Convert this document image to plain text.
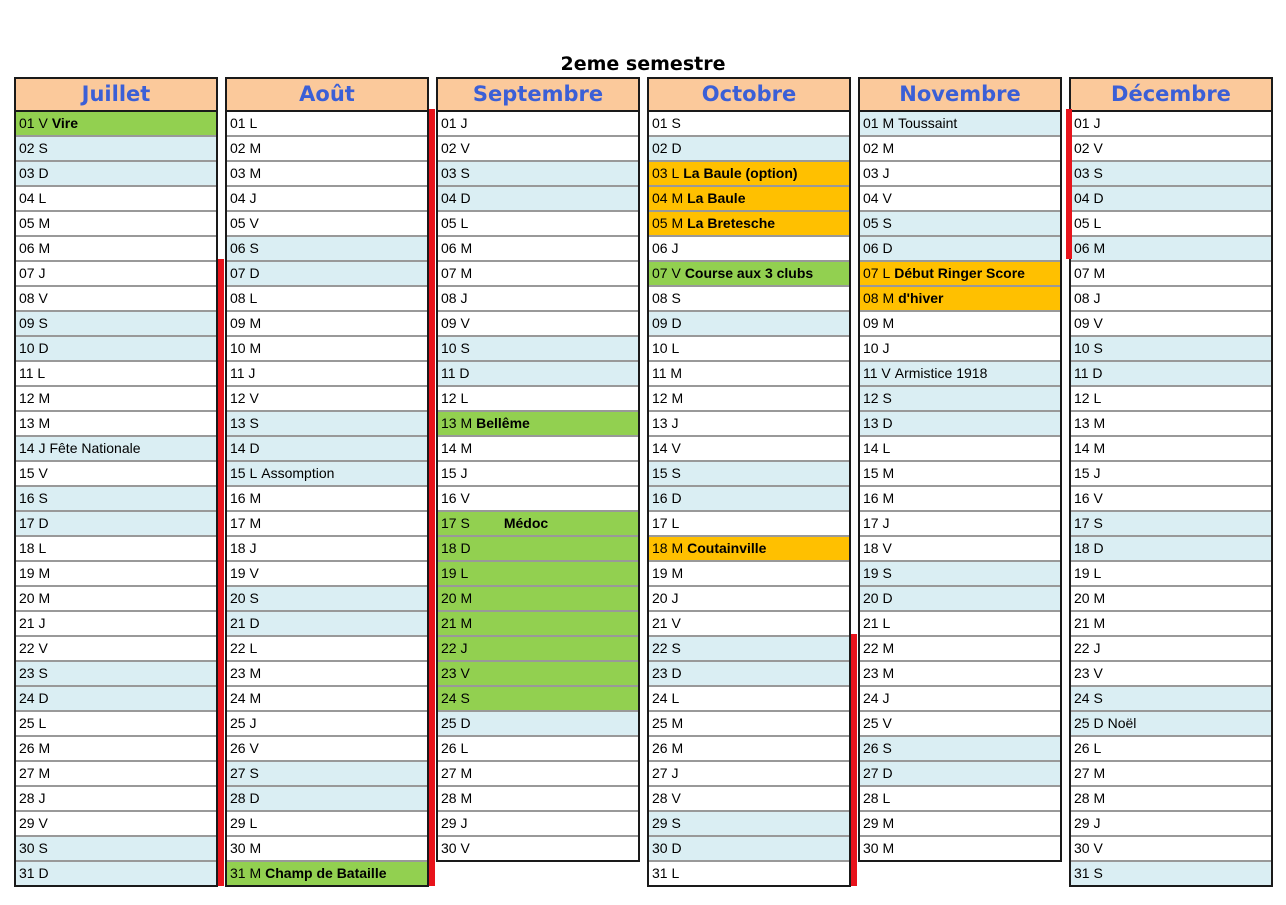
2eme semestre
Juillet
01 V Vire
02 S
03 D
04 L
05 M
06 M
07 J
08 V
09 S
10 D
11 L
12 M
13 M
14 J Fête Nationale
15 V
16 S
17 D
18 L
19 M
20 M
21 J
22 V
23 S
24 D
25 L
26 M
27 M
28 J
29 V
30 S
31 D
Août
01 L
02 M
03 M
04 J
05 V
06 S
07 D
08 L
09 M
10 M
11 J
12 V
13 S
14 D
15 L Assomption
16 M
17 M
18 J
19 V
20 S
21 D
22 L
23 M
24 M
25 J
26 V
27 S
28 D
29 L
30 M
31 M Champ de Bataille
Septembre
01 J
02 V
03 S
04 D
05 L
06 M
07 M
08 J
09 V
10 S
11 D
12 L
13 M Bellême
14 M
15 J
16 V
17 S Médoc
18 D
19 L
20 M
21 M
22 J
23 V
24 S
25 D
26 L
27 M
28 M
29 J
30 V
Octobre
01 S
02 D
03 L La Baule (option)
04 M La Baule
05 M La Bretesche
06 J
07 V Course aux 3 clubs
08 S
09 D
10 L
11 M
12 M
13 J
14 V
15 S
16 D
17 L
18 M Coutainville
19 M
20 J
21 V
22 S
23 D
24 L
25 M
26 M
27 J
28 V
29 S
30 D
31 L
Novembre
01 M Toussaint
02 M
03 J
04 V
05 S
06 D
07 L Début Ringer Score
08 M d'hiver
09 M
10 J
11 V Armistice 1918
12 S
13 D
14 L
15 M
16 M
17 J
18 V
19 S
20 D
21 L
22 M
23 M
24 J
25 V
26 S
27 D
28 L
29 M
30 M
Décembre
01 J
02 V
03 S
04 D
05 L
06 M
07 M
08 J
09 V
10 S
11 D
12 L
13 M
14 M
15 J
16 V
17 S
18 D
19 L
20 M
21 M
22 J
23 V
24 S
25 D Noël
26 L
27 M
28 M
29 J
30 V
31 S
